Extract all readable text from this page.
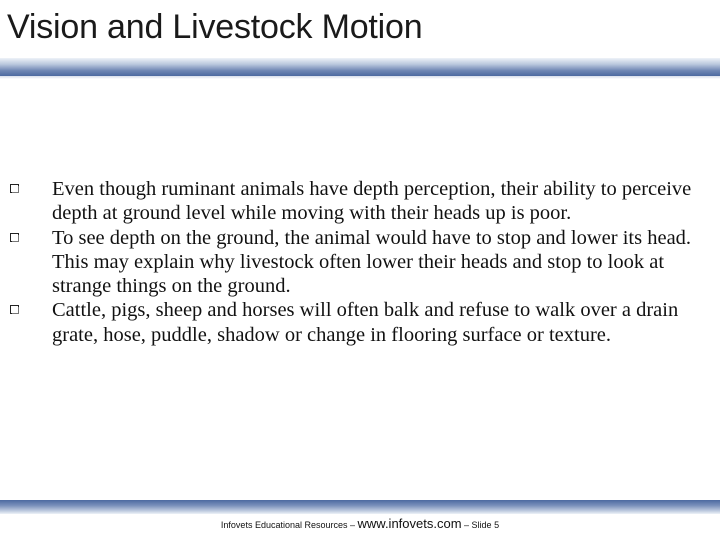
Vision and Livestock Motion
Even though ruminant animals have depth perception, their ability to perceive depth at ground level while moving with their heads up is poor.
To see depth on the ground, the animal would have to stop and lower its head. This may explain why livestock often lower their heads and stop to look at strange things on the ground.
Cattle, pigs, sheep and horses will often balk and refuse to walk over a drain grate, hose, puddle, shadow or change in flooring surface or texture.
Infovets Educational Resources – www.infovets.com – Slide 5
